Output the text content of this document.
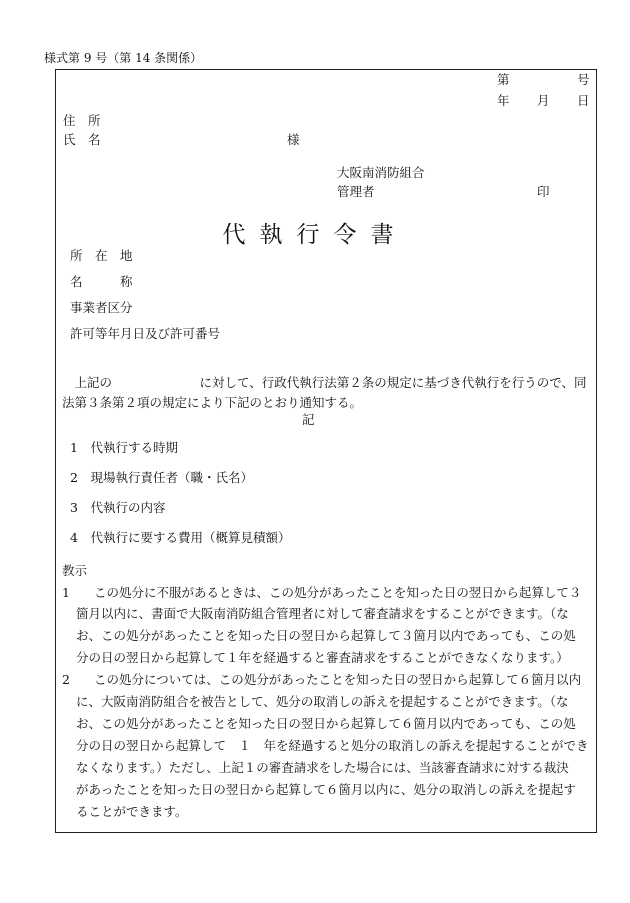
様式第 9 号（第 14 条関係）
第	号
年 月 日
住　所
氏　名	様
大阪南消防組合
管理者	印
代執行令書
所　在　地
名　　　称
事業者区分
許可等年月日及び許可番号
上記の　　　　　　　に対して、行政代執行法第２条の規定に基づき代執行を行うので、同法第３条第２項の規定により下記のとおり通知する。
記
1　 代執行する時期
2　 現場執行責任者（職・氏名）
3　 代執行の内容
4　 代執行に要する費用（概算見積額）
教示
1 この処分に不服があるときは、この処分があったことを知った日の翌日から起算して３
箇月以内に、書面で大阪南消防組合管理者に対して審査請求をすることができます。（な
お、この処分があったことを知った日の翌日から起算して３箇月以内であっても、この処
分の日の翌日から起算して１年を経過すると審査請求をすることができなくなります。）
2 この処分については、この処分があったことを知った日の翌日から起算して６箇月以内
に、大阪南消防組合を被告として、処分の取消しの訴えを提起することができます。（な
お、この処分があったことを知った日の翌日から起算して６箇月以内であっても、この処
分の日の翌日から起算して　１　年を経過すると処分の取消しの訴えを提起することができ
なくなります。）ただし、上記１の審査請求をした場合には、当該審査請求に対する裁決
があったことを知った日の翌日から起算して６箇月以内に、処分の取消しの訴えを提起す
ることができます。
